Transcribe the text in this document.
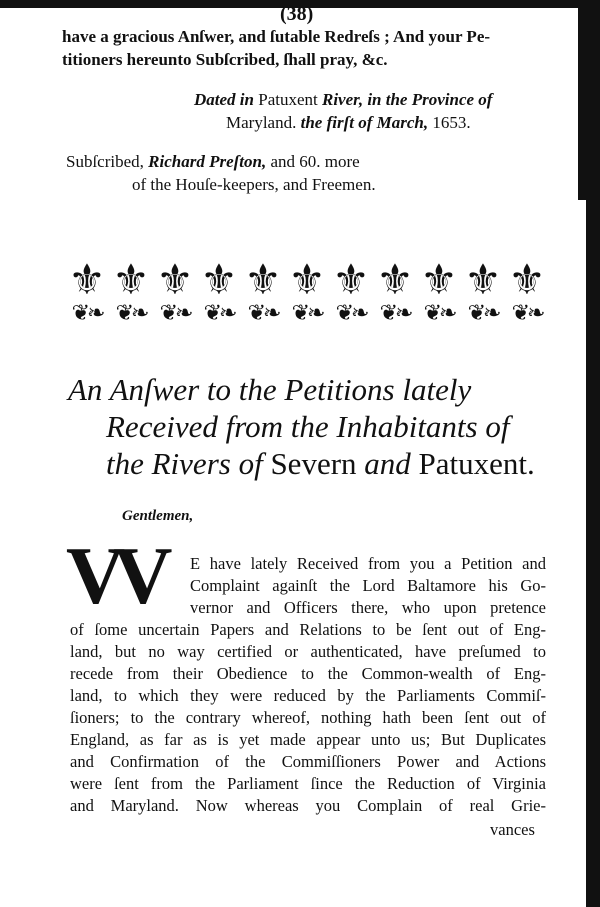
(38)
have a gracious Anſwer, and ſutable Redreſs ; And your Pe-
titioners hereunto Subſcribed, ſhall pray, &c.
Dated in Patuxent River, in the Province of
Maryland. the firſt of March, 1653.
Subſcribed, Richard Preſton, and 60. more
of the Houſe-keepers, and Freemen.
⚜
❦❧
⚜
❦❧
⚜
❦❧
⚜
❦❧
⚜
❦❧
⚜
❦❧
⚜
❦❧
⚜
❦❧
⚜
❦❧
⚜
❦❧
⚜
❦❧
An Anſwer to the Petitions lately
Received from the Inhabitants of
the Rivers of Severn and Patuxent.
Gentlemen,
VV E have lately Received from you a Petition and
Complaint againſt the Lord Baltamore his Go-
vernor and Officers there, who upon pretence
of ſome uncertain Papers and Relations to be ſent out of Eng-
land, but no way certified or authenticated, have preſumed to
recede from their Obedience to the Common-wealth of Eng-
land, to which they were reduced by the Parliaments Commiſ-
ſioners; to the contrary whereof, nothing hath been ſent out of
England, as far as is yet made appear unto us; But Duplicates
and Confirmation of the Commiſſioners Power and Actions
were ſent from the Parliament ſince the Reduction of Virginia
and Maryland. Now whereas you Complain of real Grie-
vances
